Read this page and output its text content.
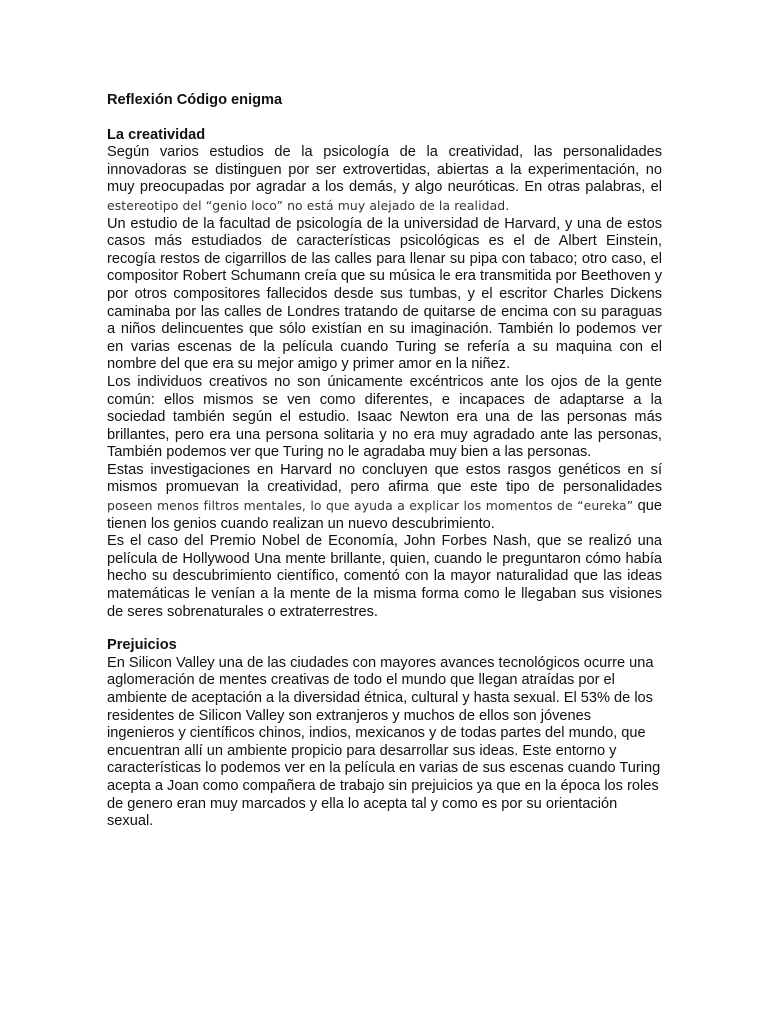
Reflexión Código enigma
La creatividad

Según varios estudios de la psicología de la creatividad, las personalidades innovadoras se distinguen por ser extrovertidas, abiertas a la experimentación, no muy preocupadas por agradar a los demás, y algo neuróticas. En otras palabras, el estereotipo del “genio loco” no está muy alejado de la realidad.

Un estudio de la facultad de psicología de la universidad de Harvard, y una de estos casos más estudiados de características psicológicas es el de Albert Einstein, recogía restos de cigarrillos de las calles para llenar su pipa con tabaco; otro caso, el compositor Robert Schumann creía que su música le era transmitida por Beethoven y por otros compositores fallecidos desde sus tumbas, y el escritor Charles Dickens caminaba por las calles de Londres tratando de quitarse de encima con su paraguas a niños delincuentes que sólo existían en su imaginación. También lo podemos ver en varias escenas de la película cuando Turing se refería a su maquina con el nombre del que era su mejor amigo y primer amor en la niñez.

Los individuos creativos no son únicamente excéntricos ante los ojos de la gente común: ellos mismos se ven como diferentes, e incapaces de adaptarse a la sociedad también según el estudio. Isaac Newton era una de las personas más brillantes, pero era una persona solitaria y no era muy agradado ante las personas, También podemos ver que Turing no le agradaba muy bien a las personas.

Estas investigaciones en Harvard no concluyen que estos rasgos genéticos en sí mismos promuevan la creatividad, pero afirma que este tipo de personalidades poseen menos filtros mentales, lo que ayuda a explicar los momentos de “eureka” que tienen los genios cuando realizan un nuevo descubrimiento.

Es el caso del Premio Nobel de Economía, John Forbes Nash, que se realizó una película de Hollywood Una mente brillante, quien, cuando le preguntaron cómo había hecho su descubrimiento científico, comentó con la mayor naturalidad que las ideas matemáticas le venían a la mente de la misma forma como le llegaban sus visiones de seres sobrenaturales o extraterrestres.

Prejuicios

En Silicon Valley una de las ciudades con mayores avances tecnológicos ocurre una aglomeración de mentes creativas de todo el mundo que llegan atraídas por el ambiente de aceptación a la diversidad étnica, cultural y hasta sexual. El 53% de los residentes de Silicon Valley son extranjeros y muchos de ellos son jóvenes ingenieros y científicos chinos, indios, mexicanos y de todas partes del mundo, que encuentran allí un ambiente propicio para desarrollar sus ideas. Este entorno y características lo podemos ver en la película en varias de sus escenas cuando Turing acepta a Joan como compañera de trabajo sin prejuicios ya que en la época los roles de genero eran muy marcados y ella lo acepta tal y como es por su orientación sexual.
